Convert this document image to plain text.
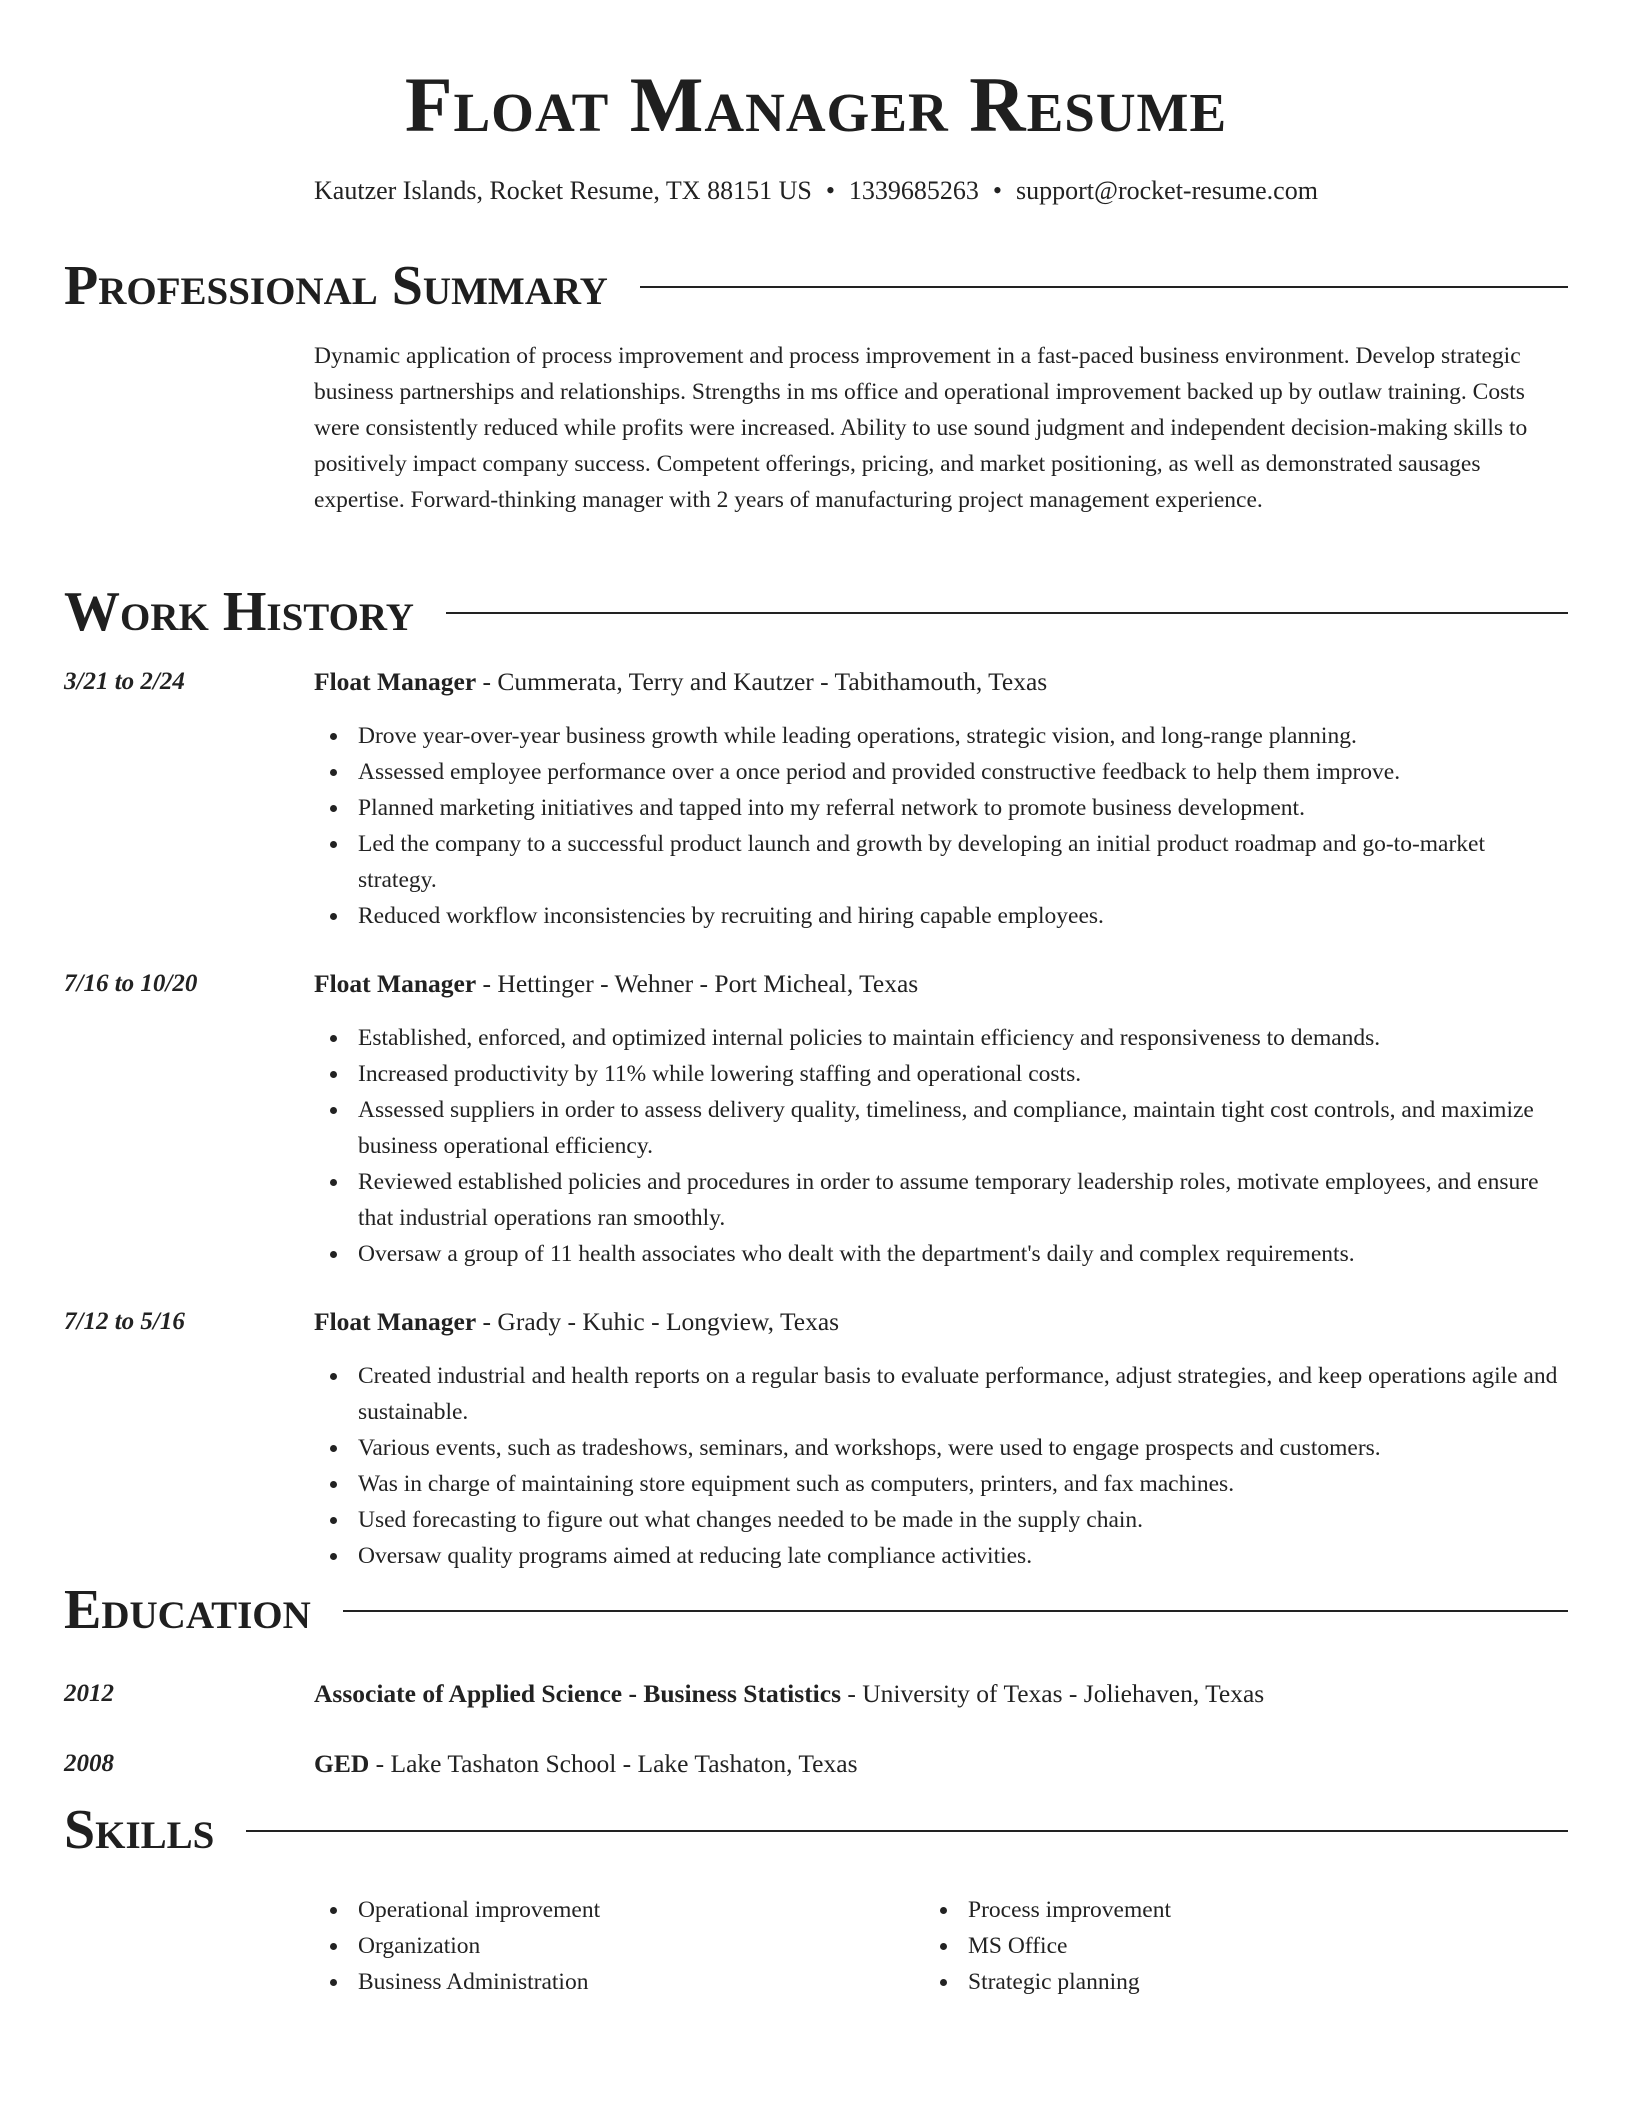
Float Manager Resume
Kautzer Islands, Rocket Resume, TX 88151 US • 1339685263 • support@rocket-resume.com
Professional Summary

Dynamic application of process improvement and process improvement in a fast-paced business environment. Develop strategic business partnerships and relationships. Strengths in ms office and operational improvement backed up by outlaw training. Costs were consistently reduced while profits were increased. Ability to use sound judgment and independent decision-making skills to positively impact company success. Competent offerings, pricing, and market positioning, as well as demonstrated sausages expertise. Forward-thinking manager with 2 years of manufacturing project management experience.

Work History
3/21 to 2/24	Float Manager - Cummerata, Terry and Kautzer - Tabithamouth, Texas
Drove year-over-year business growth while leading operations, strategic vision, and long-range planning.
Assessed employee performance over a once period and provided constructive feedback to help them improve.
Planned marketing initiatives and tapped into my referral network to promote business development.
Led the company to a successful product launch and growth by developing an initial product roadmap and go-to-market strategy.
Reduced workflow inconsistencies by recruiting and hiring capable employees.
7/16 to 10/20	Float Manager - Hettinger - Wehner - Port Micheal, Texas
Established, enforced, and optimized internal policies to maintain efficiency and responsiveness to demands.
Increased productivity by 11% while lowering staffing and operational costs.
Assessed suppliers in order to assess delivery quality, timeliness, and compliance, maintain tight cost controls, and maximize business operational efficiency.
Reviewed established policies and procedures in order to assume temporary leadership roles, motivate employees, and ensure that industrial operations ran smoothly.
Oversaw a group of 11 health associates who dealt with the department's daily and complex requirements.
7/12 to 5/16	Float Manager - Grady - Kuhic - Longview, Texas
Created industrial and health reports on a regular basis to evaluate performance, adjust strategies, and keep operations agile and sustainable.
Various events, such as tradeshows, seminars, and workshops, were used to engage prospects and customers.
Was in charge of maintaining store equipment such as computers, printers, and fax machines.
Used forecasting to figure out what changes needed to be made in the supply chain.
Oversaw quality programs aimed at reducing late compliance activities.
Education
2012	Associate of Applied Science - Business Statistics - University of Texas - Joliehaven, Texas
2008	GED - Lake Tashaton School - Lake Tashaton, Texas
Skills
Operational improvement
Organization
Business Administration
Process improvement
MS Office
Strategic planning
